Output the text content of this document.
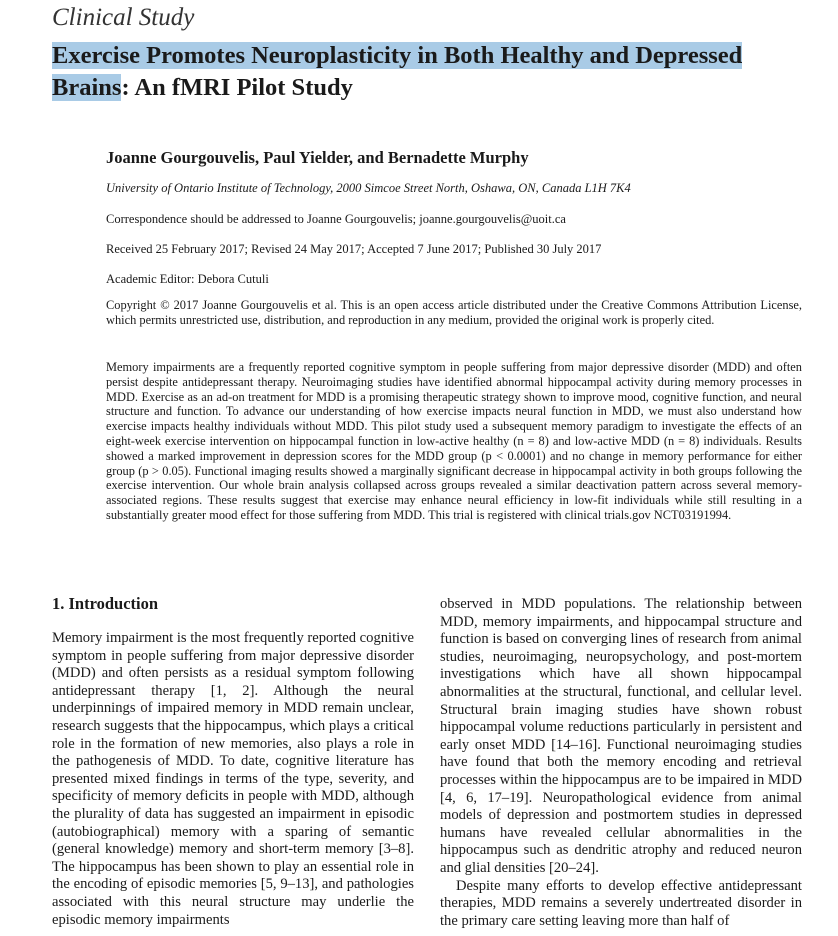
Clinical Study
Exercise Promotes Neuroplasticity in Both Healthy and Depressed
Brains: An fMRI Pilot Study
Joanne Gourgouvelis, Paul Yielder, and Bernadette Murphy
University of Ontario Institute of Technology, 2000 Simcoe Street North, Oshawa, ON, Canada L1H 7K4
Correspondence should be addressed to Joanne Gourgouvelis; joanne.gourgouvelis@uoit.ca
Received 25 February 2017; Revised 24 May 2017; Accepted 7 June 2017; Published 30 July 2017
Academic Editor: Debora Cutuli
Copyright © 2017 Joanne Gourgouvelis et al. This is an open access article distributed under the Creative Commons Attribution License, which permits unrestricted use, distribution, and reproduction in any medium, provided the original work is properly cited.
Memory impairments are a frequently reported cognitive symptom in people suffering from major depressive disorder (MDD) and often persist despite antidepressant therapy. Neuroimaging studies have identified abnormal hippocampal activity during memory processes in MDD. Exercise as an ad-on treatment for MDD is a promising therapeutic strategy shown to improve mood, cognitive function, and neural structure and function. To advance our understanding of how exercise impacts neural function in MDD, we must also understand how exercise impacts healthy individuals without MDD. This pilot study used a subsequent memory paradigm to investigate the effects of an eight-week exercise intervention on hippocampal function in low-active healthy (n = 8) and low-active MDD (n = 8) individuals. Results showed a marked improvement in depression scores for the MDD group (p < 0.0001) and no change in memory performance for either group (p > 0.05). Functional imaging results showed a marginally significant decrease in hippocampal activity in both groups following the exercise intervention. Our whole brain analysis collapsed across groups revealed a similar deactivation pattern across several memory-associated regions. These results suggest that exercise may enhance neural efficiency in low-fit individuals while still resulting in a substantially greater mood effect for those suffering from MDD. This trial is registered with clinical trials.gov NCT03191994.
1. Introduction

Memory impairment is the most frequently reported cognitive symptom in people suffering from major depressive disorder (MDD) and often persists as a residual symptom following antidepressant therapy [1, 2]. Although the neural underpinnings of impaired memory in MDD remain unclear, research suggests that the hippocampus, which plays a critical role in the formation of new memories, also plays a role in the pathogenesis of MDD. To date, cognitive literature has presented mixed findings in terms of the type, severity, and specificity of memory deficits in people with MDD, although the plurality of data has suggested an impairment in episodic (autobiographical) memory with a sparing of semantic (general knowledge) memory and short-term memory [3–8]. The hippocampus has been shown to play an essential role in the encoding of episodic memories [5, 9–13], and pathologies associated with this neural structure may underlie the episodic memory impairments

observed in MDD populations. The relationship between MDD, memory impairments, and hippocampal structure and function is based on converging lines of research from animal studies, neuroimaging, neuropsychology, and post-mortem investigations which have all shown hippocampal abnormalities at the structural, functional, and cellular level. Structural brain imaging studies have shown robust hippocampal volume reductions particularly in persistent and early onset MDD [14–16]. Functional neuroimaging studies have found that both the memory encoding and retrieval processes within the hippocampus are to be impaired in MDD [4, 6, 17–19]. Neuropathological evidence from animal models of depression and postmortem studies in depressed humans have revealed cellular abnormalities in the hippocampus such as dendritic atrophy and reduced neuron and glial densities [20–24].

Despite many efforts to develop effective antidepressant therapies, MDD remains a severely undertreated disorder in the primary care setting leaving more than half of
